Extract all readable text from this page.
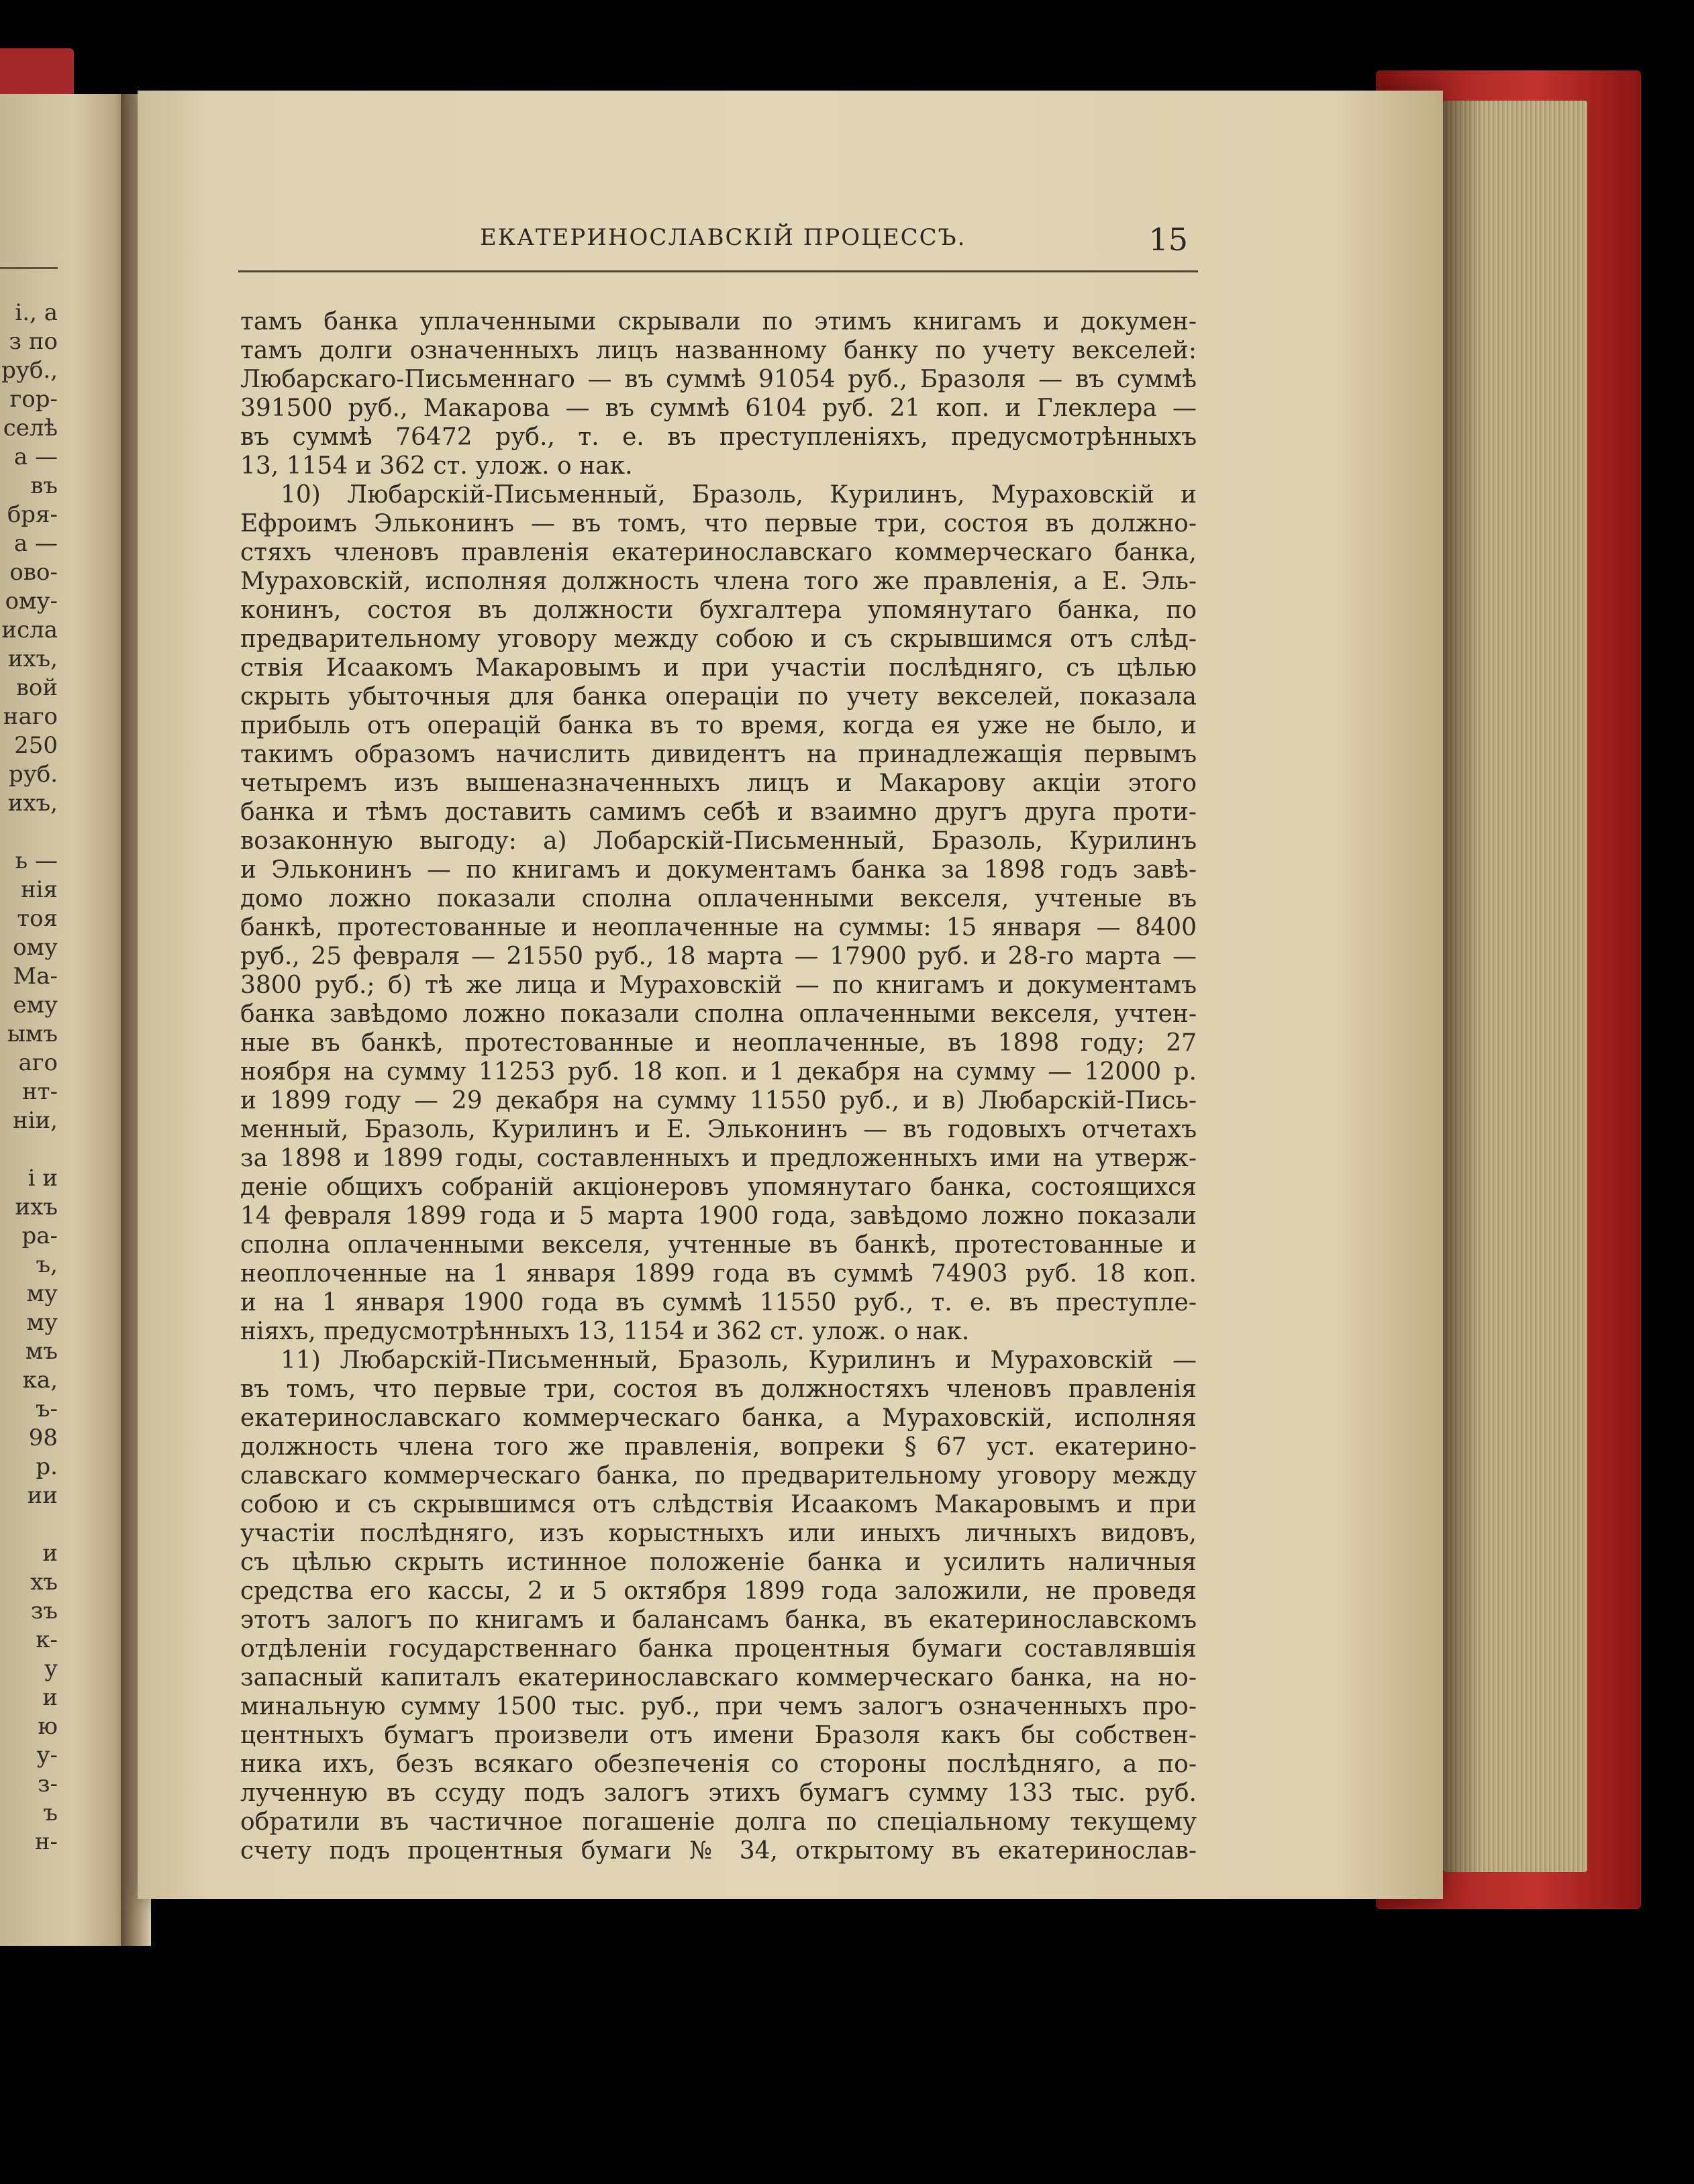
і., а
з по
руб.,
гор-
селѣ
а —
въ
бря-
а —
ово-
ому-
исла
ихъ,
вой
наго
250
руб.
ихъ,
ь —
нія
тоя
ому
Ма-
ему
ымъ
аго
нт-
ніи,
і и
ихъ
ра-
ъ,
му
му
мъ
ка,
ъ-
98
р.
ии
и
хъ
зъ
к-
у
и
ю
у-
з-
ъ
н-
ЕКАТЕРИНОСЛАВСКІЙ ПРОЦЕССЪ.	15
тамъ банка уплаченными скрывали по этимъ книгамъ и докумен-
тамъ долги означенныхъ лицъ названному банку по учету векселей:
Любарскаго-Письменнаго — въ суммѣ 91054 руб., Бразоля — въ суммѣ
391500 руб., Макарова — въ суммѣ 6104 руб. 21 коп. и Глеклера —
въ суммѣ 76472 руб., т. е. въ преступленіяхъ, предусмотрѣнныхъ
13, 1154 и 362 ст. улож. о нак.
10) Любарскій-Письменный, Бразоль, Курилинъ, Мураховскій и
Ефроимъ Эльконинъ — въ томъ, что первые три, состоя въ должно-
стяхъ членовъ правленія екатеринославскаго коммерческаго банка,
Мураховскій, исполняя должность члена того же правленія, а Е. Эль-
конинъ, состоя въ должности бухгалтера упомянутаго банка, по
предварительному уговору между собою и съ скрывшимся отъ слѣд-
ствія Исаакомъ Макаровымъ и при участіи послѣдняго, съ цѣлью
скрыть убыточныя для банка операціи по учету векселей, показала
прибыль отъ операцій банка въ то время, когда ея уже не было, и
такимъ образомъ начислить дивидентъ на принадлежащія первымъ
четыремъ изъ вышеназначенныхъ лицъ и Макарову акціи этого
банка и тѣмъ доставить самимъ себѣ и взаимно другъ друга проти-
возаконную выгоду: а) Лобарскій-Письменный, Бразоль, Курилинъ
и Эльконинъ — по книгамъ и документамъ банка за 1898 годъ завѣ-
домо ложно показали сполна оплаченными векселя, учтеные въ
банкѣ, протестованные и неоплаченные на суммы: 15 января — 8400
руб., 25 февраля — 21550 руб., 18 марта — 17900 руб. и 28-го марта —
3800 руб.; б) тѣ же лица и Мураховскій — по книгамъ и документамъ
банка завѣдомо ложно показали сполна оплаченными векселя, учтен-
ные въ банкѣ, протестованные и неоплаченные, въ 1898 году; 27
ноября на сумму 11253 руб. 18 коп. и 1 декабря на сумму — 12000 р.
и 1899 году — 29 декабря на сумму 11550 руб., и в) Любарскій-Пись-
менный, Бразоль, Курилинъ и Е. Эльконинъ — въ годовыхъ отчетахъ
за 1898 и 1899 годы, составленныхъ и предложенныхъ ими на утверж-
деніе общихъ собраній акціонеровъ упомянутаго банка, состоящихся
14 февраля 1899 года и 5 марта 1900 года, завѣдомо ложно показали
сполна оплаченными векселя, учтенные въ банкѣ, протестованные и
неоплоченные на 1 января 1899 года въ суммѣ 74903 руб. 18 коп.
и на 1 января 1900 года въ суммѣ 11550 руб., т. е. въ преступле-
ніяхъ, предусмотрѣнныхъ 13, 1154 и 362 ст. улож. о нак.
11) Любарскій-Письменный, Бразоль, Курилинъ и Мураховскій —
въ томъ, что первые три, состоя въ должностяхъ членовъ правленія
екатеринославскаго коммерческаго банка, а Мураховскій, исполняя
должность члена того же правленія, вопреки § 67 уст. екатерино-
славскаго коммерческаго банка, по предварительному уговору между
собою и съ скрывшимся отъ слѣдствія Исаакомъ Макаровымъ и при
участіи послѣдняго, изъ корыстныхъ или иныхъ личныхъ видовъ,
съ цѣлью скрыть истинное положеніе банка и усилить наличныя
средства его кассы, 2 и 5 октября 1899 года заложили, не проведя
этотъ залогъ по книгамъ и балансамъ банка, въ екатеринославскомъ
отдѣленіи государственнаго банка процентныя бумаги составлявшія
запасный капиталъ екатеринославскаго коммерческаго банка, на но-
минальную сумму 1500 тыс. руб., при чемъ залогъ означенныхъ про-
центныхъ бумагъ произвели отъ имени Бразоля какъ бы собствен-
ника ихъ, безъ всякаго обезпеченія со стороны послѣдняго, а по-
лученную въ ссуду подъ залогъ этихъ бумагъ сумму 133 тыс. руб.
обратили въ частичное погашеніе долга по спеціальному текущему
счету подъ процентныя бумаги № 34, открытому въ екатеринослав-
